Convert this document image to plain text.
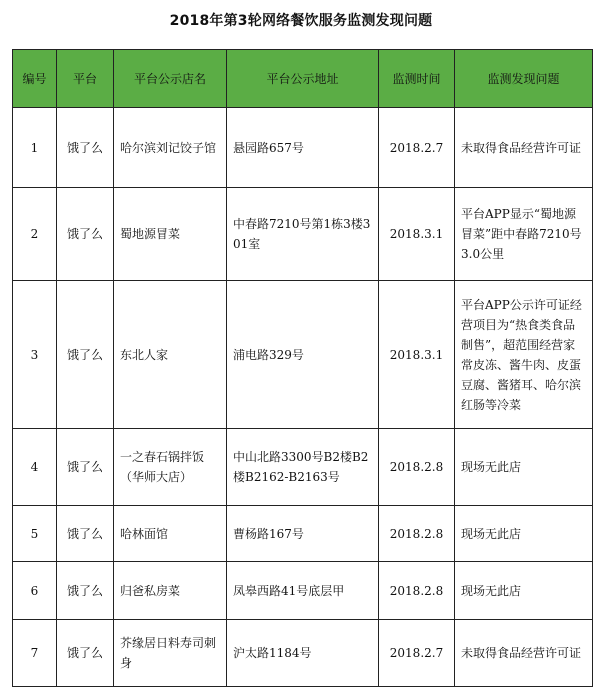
2018年第3轮网络餐饮服务监测发现问题
编号	平台	平台公示店名	平台公示地址	监测时间	监测发现问题
1	饿了么	哈尔滨刘记饺子馆	悬园路657号	2018.2.7	未取得食品经营许可证
2	饿了么	蜀地源冒菜	中春路7210号第1栋3楼301室	2018.3.1	平台APP显示“蜀地源冒菜”距中春路7210号3.0公里
3	饿了么	东北人家	浦电路329号	2018.3.1	平台APP公示许可证经营项目为“热食类食品制售”，超范围经营家常皮冻、酱牛肉、皮蛋豆腐、酱猪耳、哈尔滨红肠等冷菜
4	饿了么	一之春石锅拌饭（华师大店）	中山北路3300号B2楼B2楼B2162-B2163号	2018.2.8	现场无此店
5	饿了么	哈林面馆	曹杨路167号	2018.2.8	现场无此店
6	饿了么	归爸私房菜	凤皋西路41号底层甲	2018.2.8	现场无此店
7	饿了么	芥缘居日料寿司刺身	沪太路1184号	2018.2.7	未取得食品经营许可证
